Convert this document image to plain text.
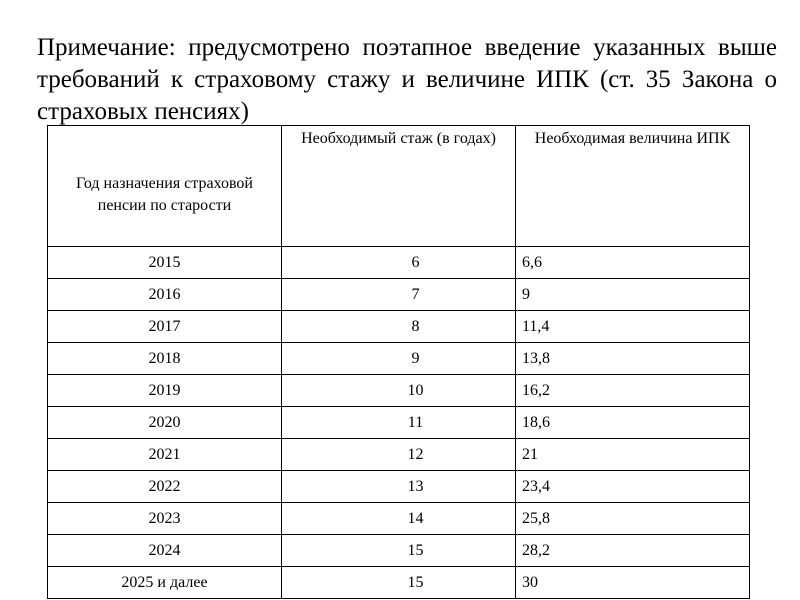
Примечание: предусмотрено поэтапное введение указанных выше требований к страховому стажу и величине ИПК (ст. 35 Закона о страховых пенсиях)

Год назначения страховой пенсии по старости	Необходимый стаж (в годах)	Необходимая величина ИПК
2015	6	6,6
2016	7	9
2017	8	11,4
2018	9	13,8
2019	10	16,2
2020	11	18,6
2021	12	21
2022	13	23,4
2023	14	25,8
2024	15	28,2
2025 и далее	15	30
